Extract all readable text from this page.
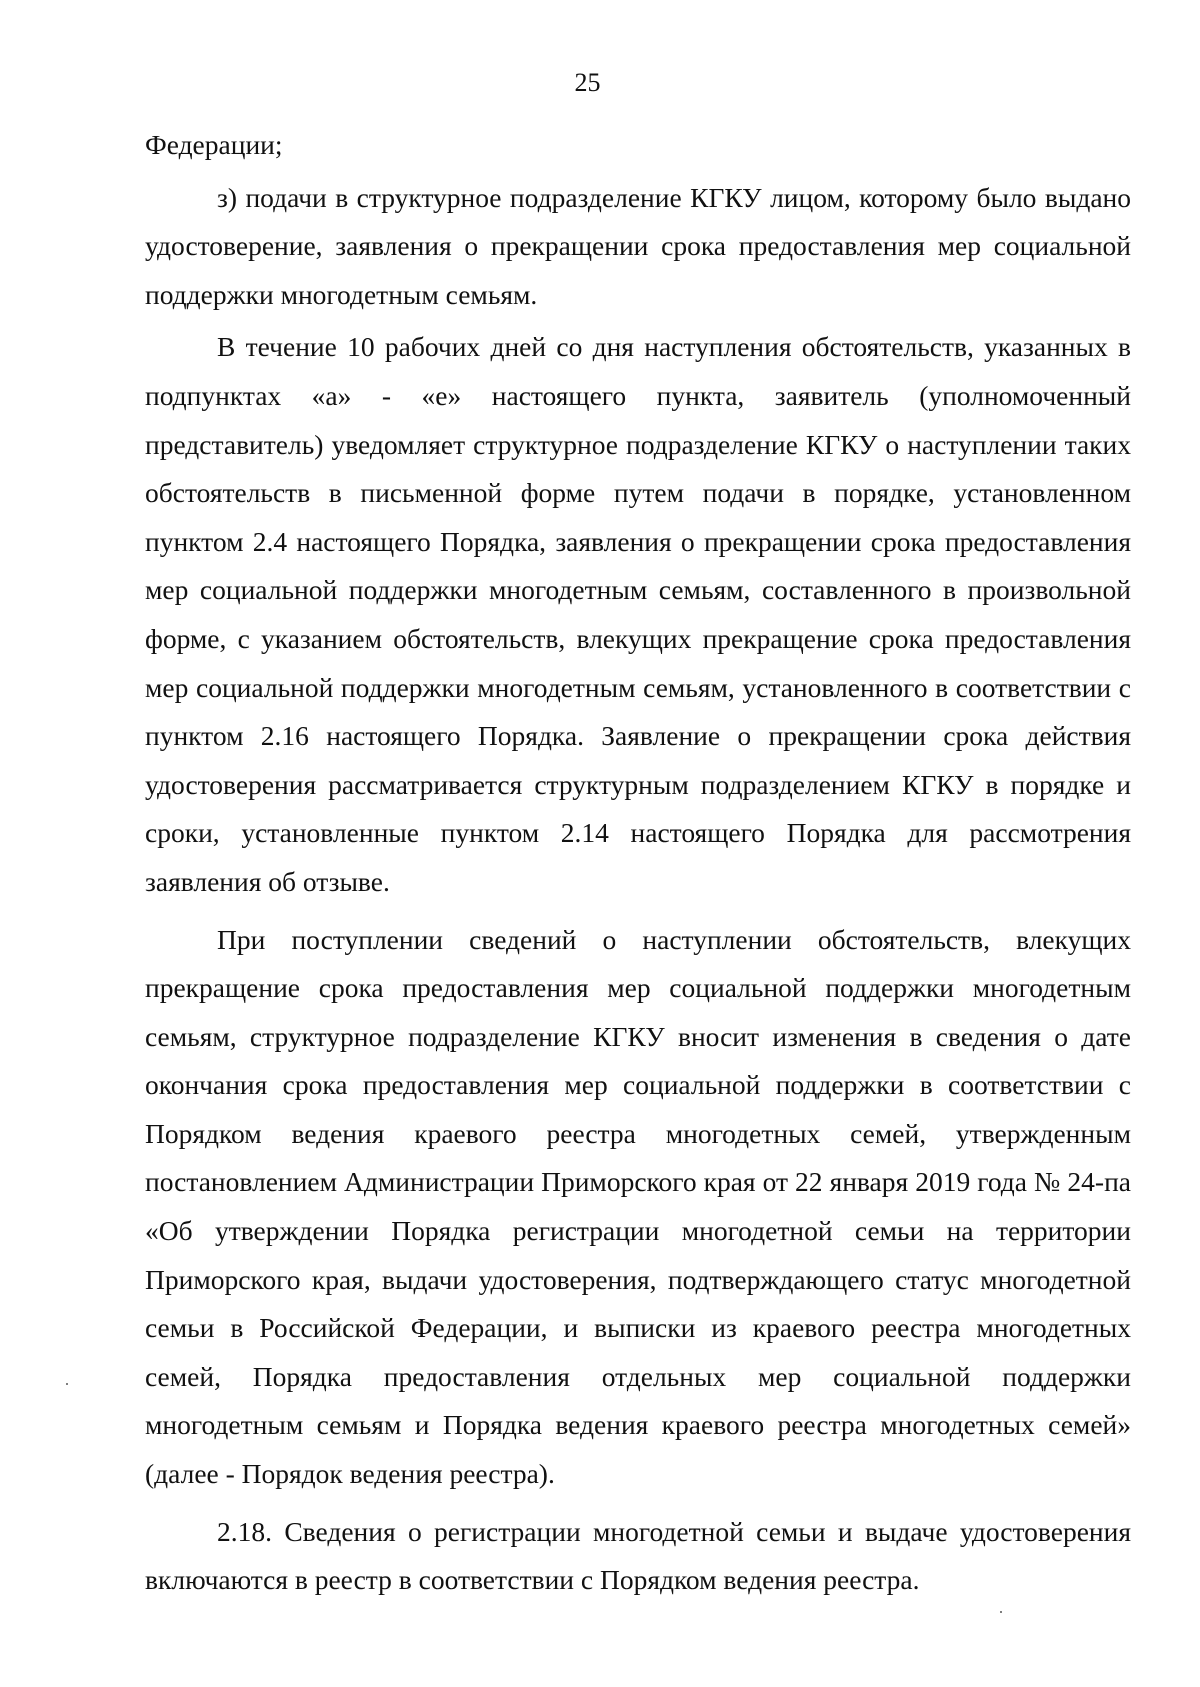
25

Федерации;

з) подачи в структурное подразделение КГКУ лицом, которому было выдано удостоверение, заявления о прекращении срока предоставления мер социальной поддержки многодетным семьям.

В течение 10 рабочих дней со дня наступления обстоятельств, указанных в подпунктах «а» - «е» настоящего пункта, заявитель (уполномоченный представитель) уведомляет структурное подразделение КГКУ о наступлении таких обстоятельств в письменной форме путем подачи в порядке, установленном пунктом 2.4 настоящего Порядка, заявления о прекращении срока предоставления мер социальной поддержки многодетным семьям, составленного в произвольной форме, с указанием обстоятельств, влекущих прекращение срока предоставления мер социальной поддержки многодетным семьям, установленного в соответствии с пунктом 2.16 настоящего Порядка. Заявление о прекращении срока действия удостоверения рассматривается структурным подразделением КГКУ в порядке и сроки, установленные пунктом 2.14 настоящего Порядка для рассмотрения заявления об отзыве.

При поступлении сведений о наступлении обстоятельств, влекущих прекращение срока предоставления мер социальной поддержки многодетным семьям, структурное подразделение КГКУ вносит изменения в сведения о дате окончания срока предоставления мер социальной поддержки в соответствии с Порядком ведения краевого реестра многодетных семей, утвержденным постановлением Администрации Приморского края от 22 января 2019 года № 24-па «Об утверждении Порядка регистрации многодетной семьи на территории Приморского края, выдачи удостоверения, подтверждающего статус многодетной семьи в Российской Федерации, и выписки из краевого реестра многодетных семей, Порядка предоставления отдельных мер социальной поддержки многодетным семьям и Порядка ведения краевого реестра многодетных семей» (далее - Порядок ведения реестра).

2.18. Сведения о регистрации многодетной семьи и выдаче удостоверения включаются в реестр в соответствии с Порядком ведения реестра.
